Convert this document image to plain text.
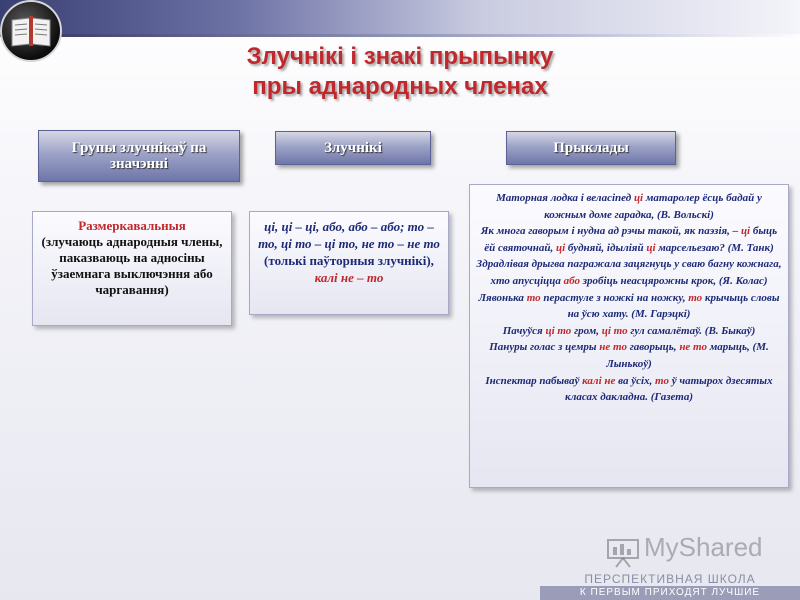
Злучнікі і знакі прыпынку
пры аднародных членах
Групы злучнікаў па значэнні
Злучнікі	Прыклады
Размеркавальныя
(злучаюць аднародныя члены, паказваюць на адносіны ўзаемнага выключэння або чаргавання)
ці, ці – ці, або, або – або; то – то, ці то – ці то, не то – не то (толькі паўторныя злучнікі), калі не – то
Маторная лодка і веласіпед ці матаролер ёсць бадай у кожным доме гарадка, (В. Вольскі)
Як многа гаворым і нудна ад рэчы такой, як паэзія, – ці быць ёй святочнай, ці будняй, ідыліяй ці марсельезаю? (М. Танк)
Здрадлівая дрыгва пагражала зацягнуць у сваю багну кожнага, хто апусціцца або зробіць неасцярожны крок, (Я. Колас)
Лявонька то перастуле з ножкі на ножку, то крычыць словы на ўсю хату. (М. Гарэцкі)
Пачуўся ці то гром, ці то гул самалётаў. (В. Быкаў)
Пануры голас з цемры не то гаворыць, не то марыць, (М. Лынькоў)
Інспектар пабываў калі не ва ўсіх, то ў чатырох дзесятых класах дакладна. (Газета)
MyShared
ПЕРСПЕКТИВНАЯ ШКОЛА
К ПЕРВЫМ ПРИХОДЯТ ЛУЧШИЕ
